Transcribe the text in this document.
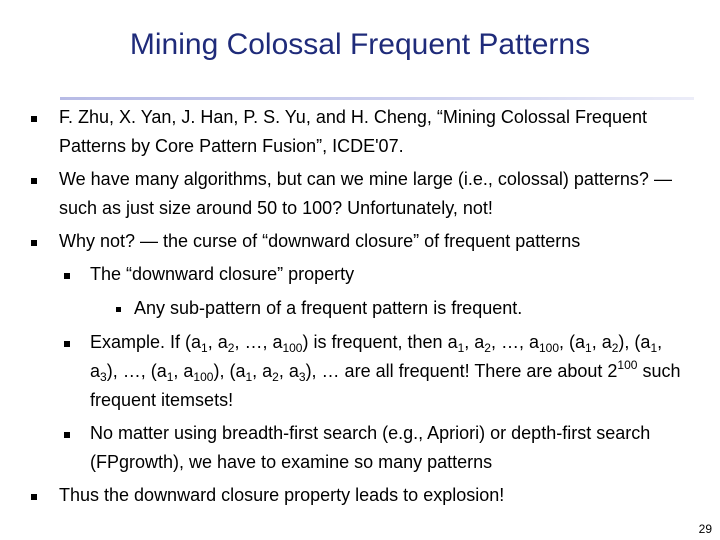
Mining Colossal Frequent Patterns
F. Zhu, X. Yan, J. Han, P. S. Yu, and H. Cheng, “Mining Colossal Frequent Patterns by Core Pattern Fusion”, ICDE'07.
We have many algorithms, but can we mine large (i.e., colossal) patterns? — such as just size around 50 to 100? Unfortunately, not!
Why not? — the curse of “downward closure” of frequent patterns
The “downward closure” property
Any sub-pattern of a frequent pattern is frequent.
Example. If ($a_1$, $a_2$, …, $a_{100}$) is frequent, then $a_1$, $a_2$, …, $a_{100}$, ($a_1$, $a_2$), ($a_1$, $a_3$), …, ($a_1$, $a_{100}$), ($a_1$, $a_2$, $a_3$), … are all frequent! There are about $2^{100}$ such frequent itemsets!
No matter using breadth-first search (e.g., Apriori) or depth-first search (FPgrowth), we have to examine so many patterns
Thus the downward closure property leads to explosion!
29
